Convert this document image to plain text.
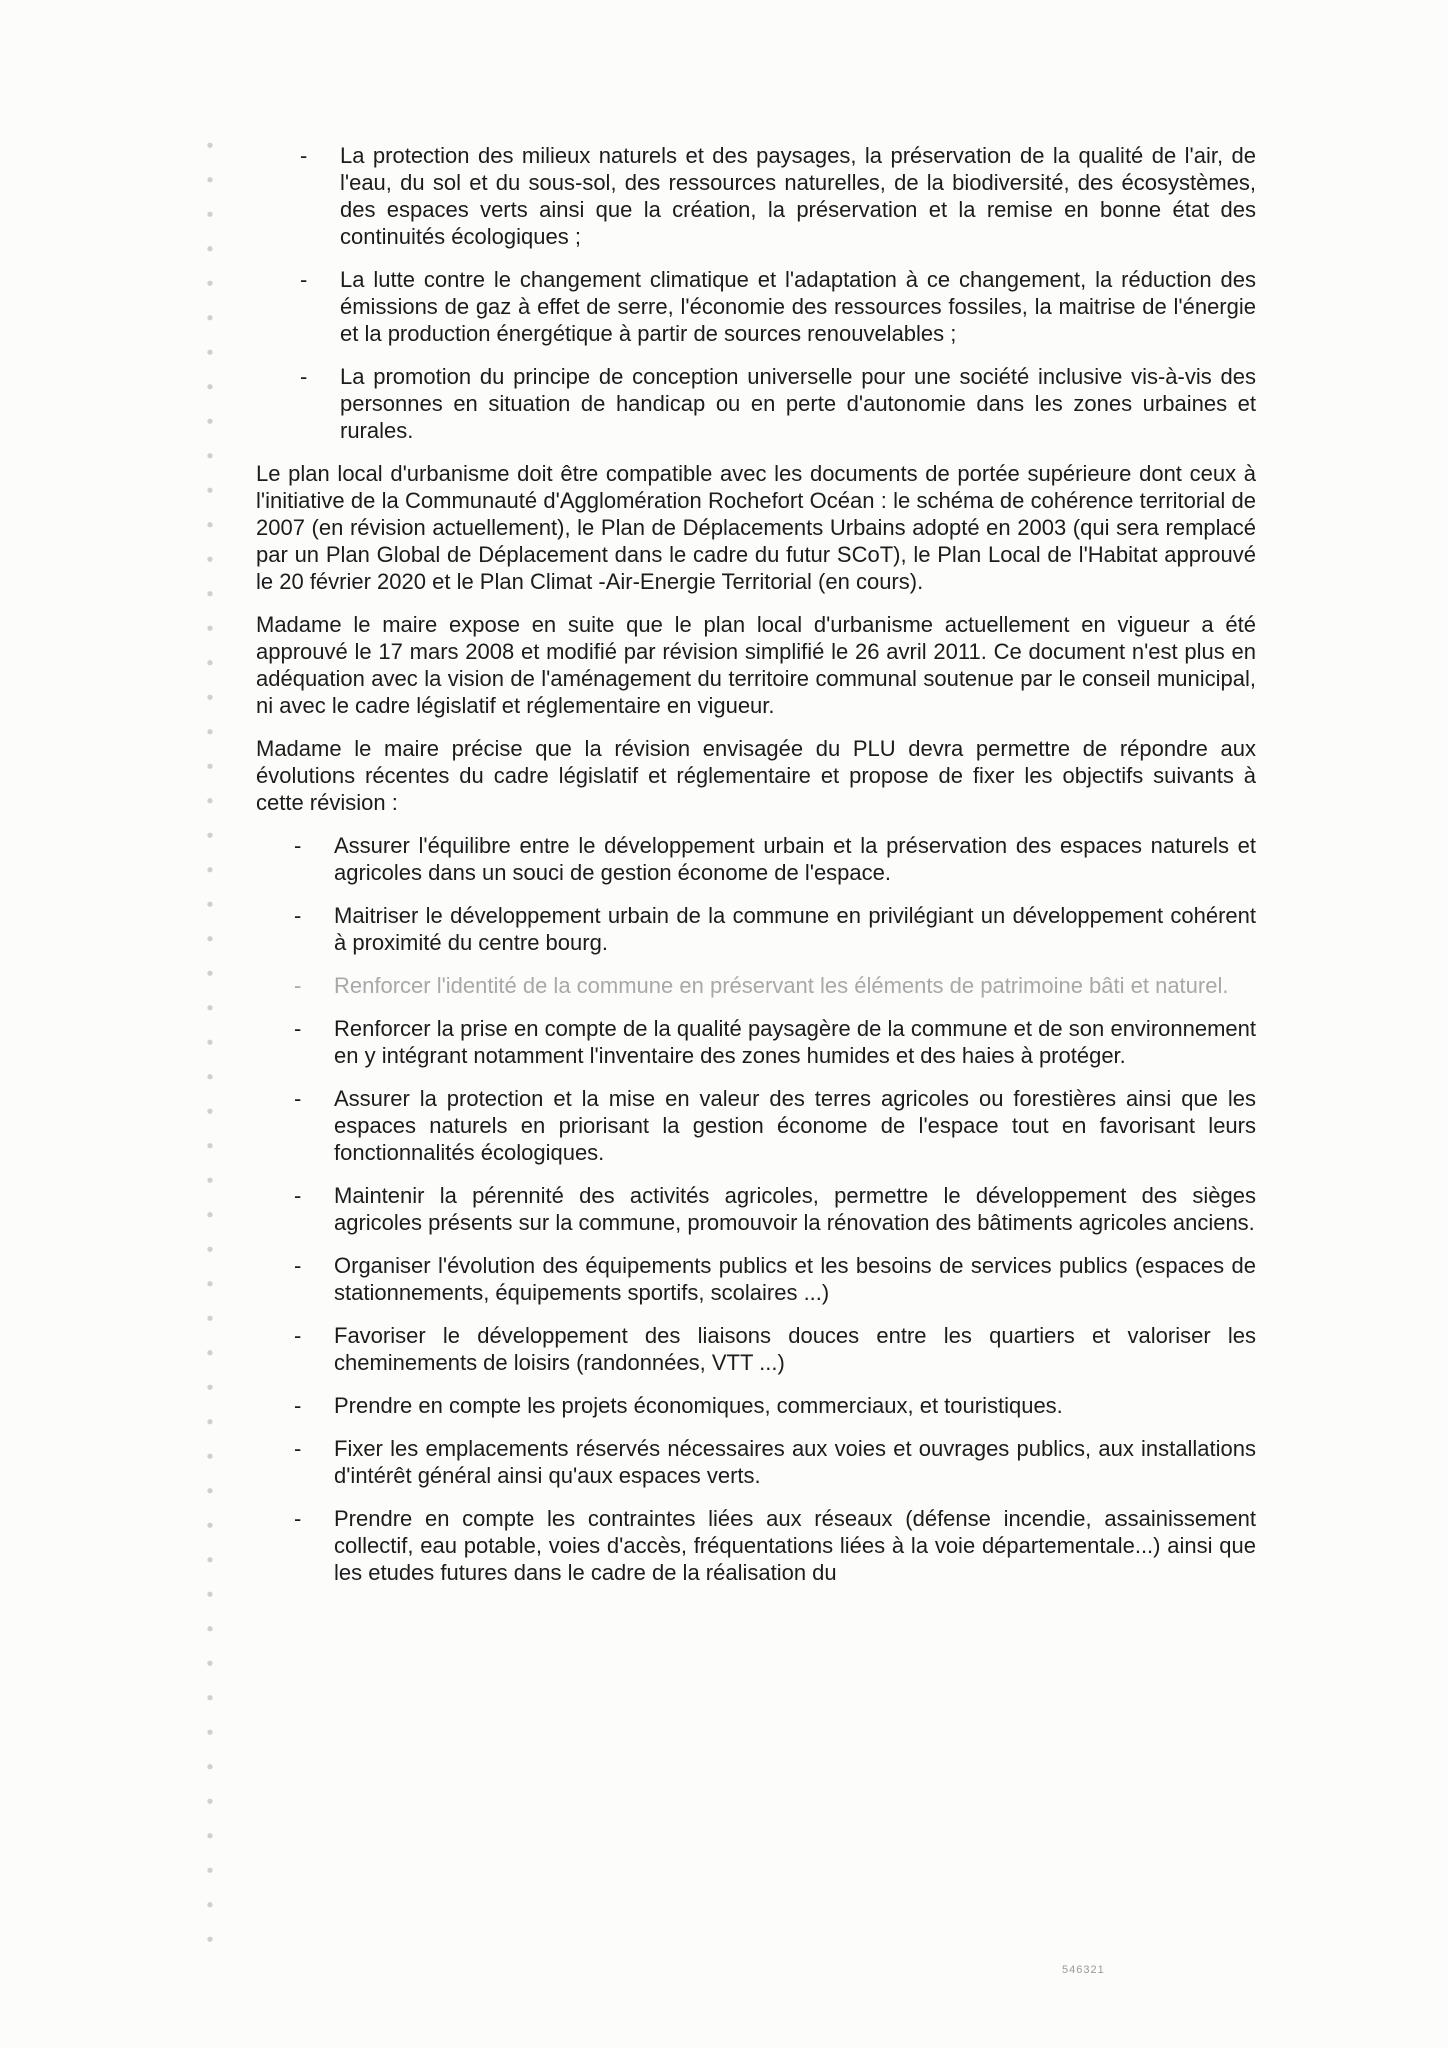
- La protection des milieux naturels et des paysages, la préservation de la qualité de l'air, de l'eau, du sol et du sous-sol, des ressources naturelles, de la biodiversité, des écosystèmes, des espaces verts ainsi que la création, la préservation et la remise en bonne état des continuités écologiques ;
- La lutte contre le changement climatique et l'adaptation à ce changement, la réduction des émissions de gaz à effet de serre, l'économie des ressources fossiles, la maitrise de l'énergie et la production énergétique à partir de sources renouvelables ;
- La promotion du principe de conception universelle pour une société inclusive vis-à-vis des personnes en situation de handicap ou en perte d'autonomie dans les zones urbaines et rurales.

Le plan local d'urbanisme doit être compatible avec les documents de portée supérieure dont ceux à l'initiative de la Communauté d'Agglomération Rochefort Océan : le schéma de cohérence territorial de 2007 (en révision actuellement), le Plan de Déplacements Urbains adopté en 2003 (qui sera remplacé par un Plan Global de Déplacement dans le cadre du futur SCoT), le Plan Local de l'Habitat approuvé le 20 février 2020 et le Plan Climat -Air-Energie Territorial (en cours).

Madame le maire expose en suite que le plan local d'urbanisme actuellement en vigueur a été approuvé le 17 mars 2008 et modifié par révision simplifié le 26 avril 2011. Ce document n'est plus en adéquation avec la vision de l'aménagement du territoire communal soutenue par le conseil municipal, ni avec le cadre législatif et réglementaire en vigueur.

Madame le maire précise que la révision envisagée du PLU devra permettre de répondre aux évolutions récentes du cadre législatif et réglementaire et propose de fixer les objectifs suivants à cette révision :

- Assurer l'équilibre entre le développement urbain et la préservation des espaces naturels et agricoles dans un souci de gestion économe de l'espace.
- Maitriser le développement urbain de la commune en privilégiant un développement cohérent à proximité du centre bourg.
- Renforcer l'identité de la commune en préservant les éléments de patrimoine bâti et naturel.
- Renforcer la prise en compte de la qualité paysagère de la commune et de son environnement en y intégrant notamment l'inventaire des zones humides et des haies à protéger.
- Assurer la protection et la mise en valeur des terres agricoles ou forestières ainsi que les espaces naturels en priorisant la gestion économe de l'espace tout en favorisant leurs fonctionnalités écologiques.
- Maintenir la pérennité des activités agricoles, permettre le développement des sièges agricoles présents sur la commune, promouvoir la rénovation des bâtiments agricoles anciens.
- Organiser l'évolution des équipements publics et les besoins de services publics (espaces de stationnements, équipements sportifs, scolaires ...)
- Favoriser le développement des liaisons douces entre les quartiers et valoriser les cheminements de loisirs (randonnées, VTT ...)
- Prendre en compte les projets économiques, commerciaux, et touristiques.
- Fixer les emplacements réservés nécessaires aux voies et ouvrages publics, aux installations d'intérêt général ainsi qu'aux espaces verts.
- Prendre en compte les contraintes liées aux réseaux (défense incendie, assainissement collectif, eau potable, voies d'accès, fréquentations liées à la voie départementale...) ainsi que les etudes futures dans le cadre de la réalisation du
546321
